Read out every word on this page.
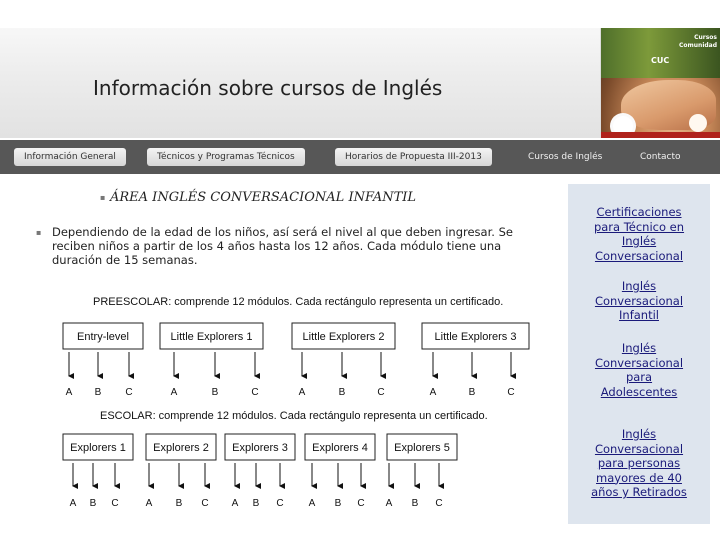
Información sobre cursos de Inglés
CUC
Cursos Comunidad
Información General	Técnicos y Programas Técnicos	Horarios de Propuesta III-2013	Cursos de Inglés	Contacto
▪ ÁREA INGLÉS CONVERSACIONAL INFANTIL
▪ Dependiendo de la edad de los niños, así será el nivel al que deben ingresar. Se reciben niños a partir de los 4 años hasta los 12 años. Cada módulo tiene una duración de 15 semanas.
PREESCOLAR: comprende 12 módulos. Cada rectángulo representa un certificado.
Entry-level
A B C
Little Explorers 1
A	B	C
Little Explorers 2
A	B	C
Little Explorers 3
A	B	C
ESCOLAR: comprende 12 módulos. Cada rectángulo representa un certificado.
Explorers 1
A B C
Explorers 2
A B C
Explorers 3
A B C
Explorers 4
A B C
Explorers 5
A B C
Certificaciones
para Técnico en
Inglés
Conversacional
Inglés
Conversacional
Infantil
Inglés
Conversacional
para
Adolescentes
Inglés
Conversacional
para personas
mayores de 40
años y Retirados
